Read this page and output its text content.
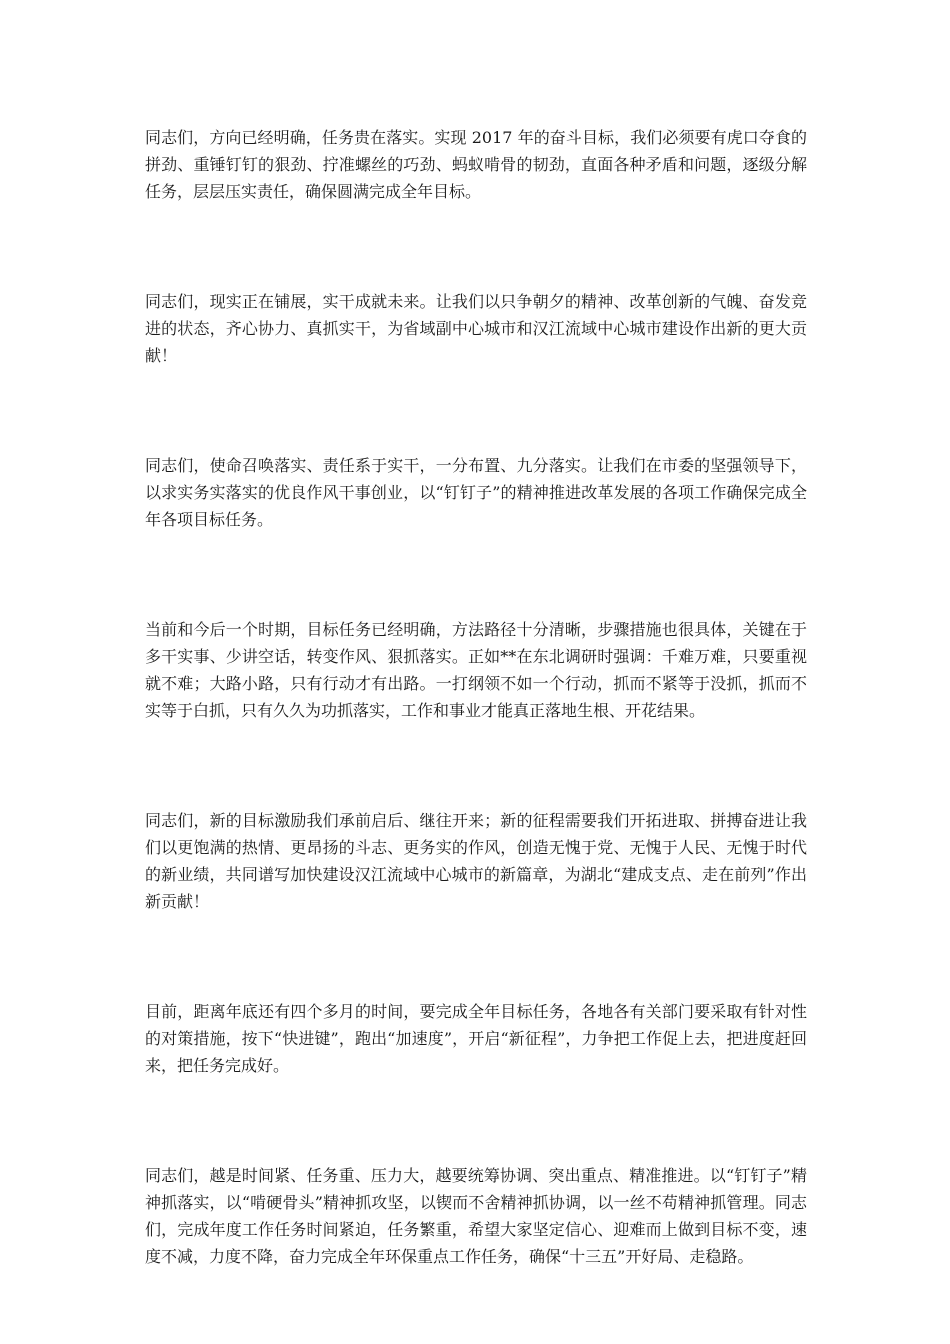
同志们，方向已经明确，任务贵在落实。实现 2017 年的奋斗目标，我们必须要有虎口夺食的拼劲、重锤钉钉的狠劲、拧准螺丝的巧劲、蚂蚁啃骨的韧劲，直面各种矛盾和问题，逐级分解任务，层层压实责任，确保圆满完成全年目标。

同志们，现实正在铺展，实干成就未来。让我们以只争朝夕的精神、改革创新的气魄、奋发竞进的状态，齐心协力、真抓实干，为省域副中心城市和汉江流域中心城市建设作出新的更大贡献！

同志们，使命召唤落实、责任系于实干，一分布置、九分落实。让我们在市委的坚强领导下，以求实务实落实的优良作风干事创业，以“钉钉子”的精神推进改革发展的各项工作确保完成全年各项目标任务。

当前和今后一个时期，目标任务已经明确，方法路径十分清晰，步骤措施也很具体，关键在于多干实事、少讲空话，转变作风、狠抓落实。正如**在东北调研时强调：千难万难，只要重视就不难；大路小路，只有行动才有出路。一打纲领不如一个行动，抓而不紧等于没抓，抓而不实等于白抓，只有久久为功抓落实，工作和事业才能真正落地生根、开花结果。

同志们，新的目标激励我们承前启后、继往开来；新的征程需要我们开拓进取、拼搏奋进让我们以更饱满的热情、更昂扬的斗志、更务实的作风，创造无愧于党、无愧于人民、无愧于时代的新业绩，共同谱写加快建设汉江流域中心城市的新篇章，为湖北“建成支点、走在前列”作出新贡献！

目前，距离年底还有四个多月的时间，要完成全年目标任务，各地各有关部门要采取有针对性的对策措施，按下“快进键”，跑出“加速度”，开启“新征程”，力争把工作促上去，把进度赶回来，把任务完成好。

同志们，越是时间紧、任务重、压力大，越要统筹协调、突出重点、精准推进。以“钉钉子”精神抓落实，以“啃硬骨头”精神抓攻坚，以锲而不舍精神抓协调，以一丝不苟精神抓管理。同志们，完成年度工作任务时间紧迫，任务繁重，希望大家坚定信心、迎难而上做到目标不变，速度不减，力度不降，奋力完成全年环保重点工作任务，确保“十三五”开好局、走稳路。
